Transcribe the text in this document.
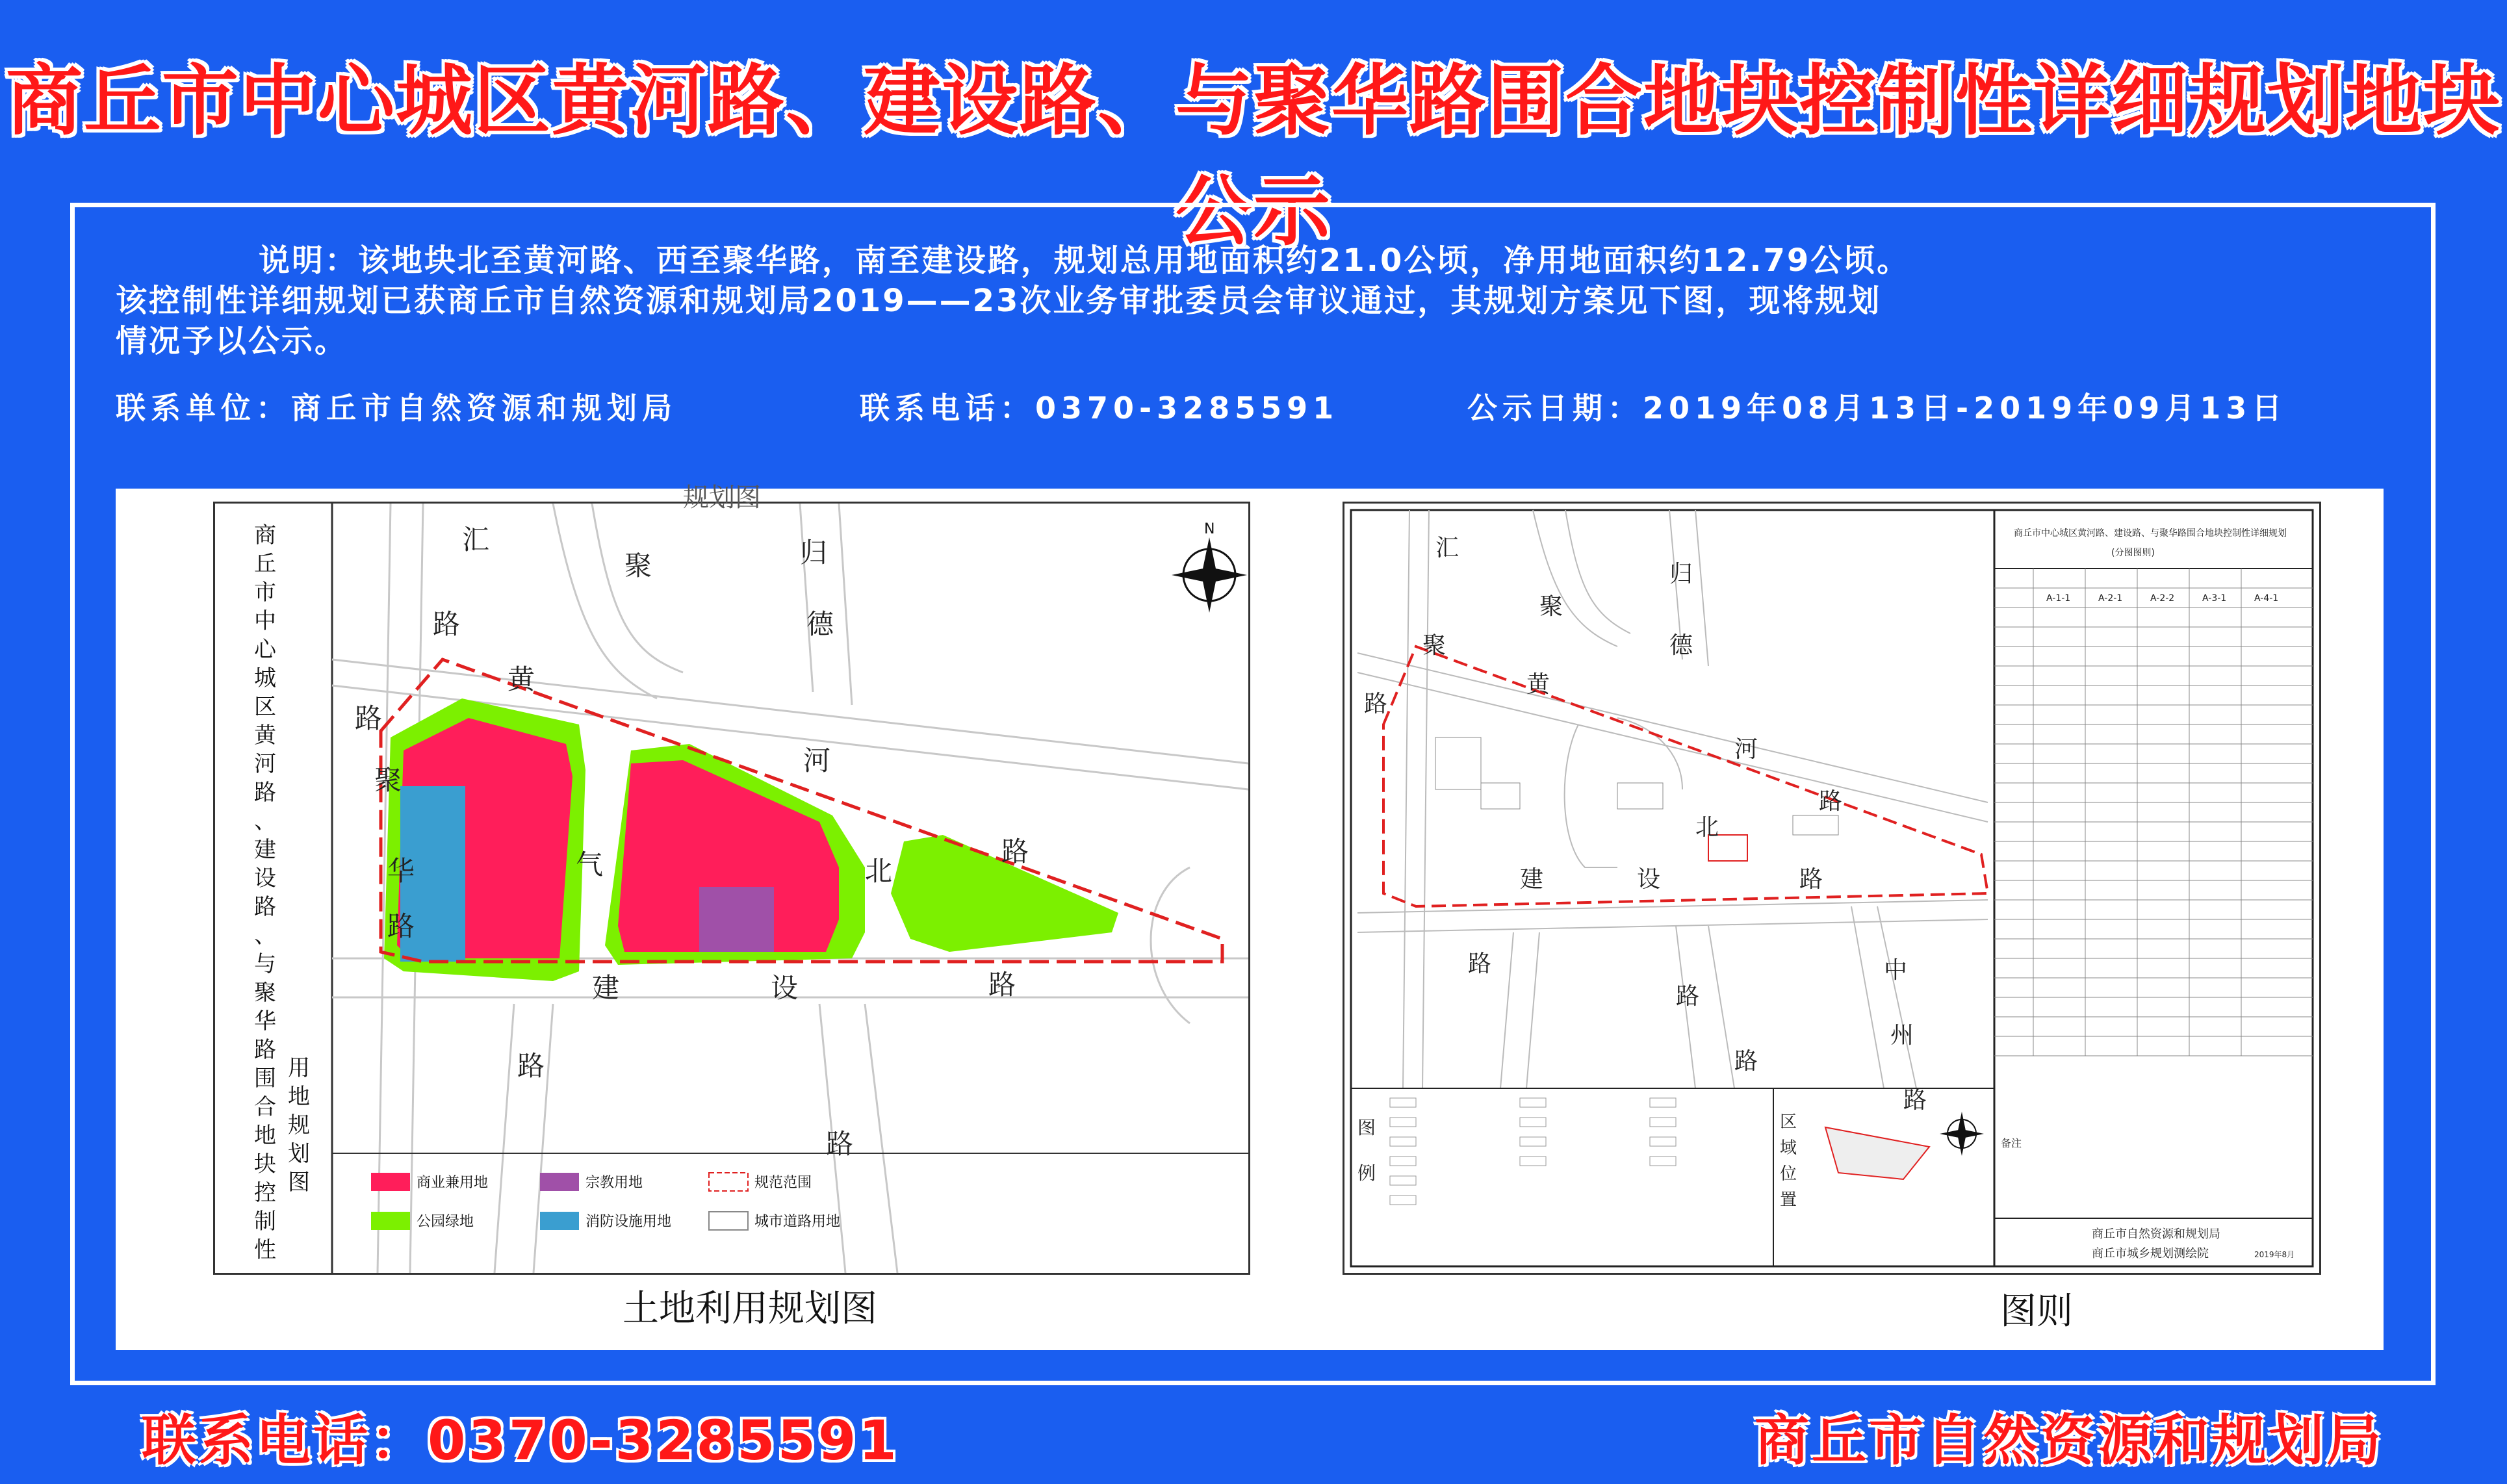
商丘市中心城区黄河路、建设路、与聚华路围合地块控制性详细规划地块公示

说明：该地块北至黄河路、西至聚华路，南至建设路，规划总用地面积约21.0公顷，净用地面积约12.79公顷。

该控制性详细规划已获商丘市自然资源和规划局2019——23次业务审批委员会审议通过，其规划方案见下图，现将规划

情况予以公示。

联系单位：商丘市自然资源和规划局	联系电话：0370-3285591	公示日期：2019年08月13日-2019年09月13日
规划图
商丘市中 心城区黄 河路、建 设路、与 聚华路围 合地块控 制性
用地规划图
汇
聚	归
德
路
黄
路
聚
河
华
路
气	北
路
建	设	路
路
路
N
商业兼用地	宗教用地	规范范围
公园绿地	消防设施用地	城市道路用地
土地利用规划图
汇
聚
归
德
聚
黄
路
河
北
路
建	设	路
路
路
中
州
路
路
图例
区域位置
商丘市中心城区黄河路、建设路、与聚华路围合地块控制性详细规划
(分图图则)
A-1-1	A-2-1	A-2-2	A-3-1	A-4-1
备注
商丘市自然资源和规划局
商丘市城乡规划测绘院	2019年8月
图则
联系电话：0370-3285591	商丘市自然资源和规划局
